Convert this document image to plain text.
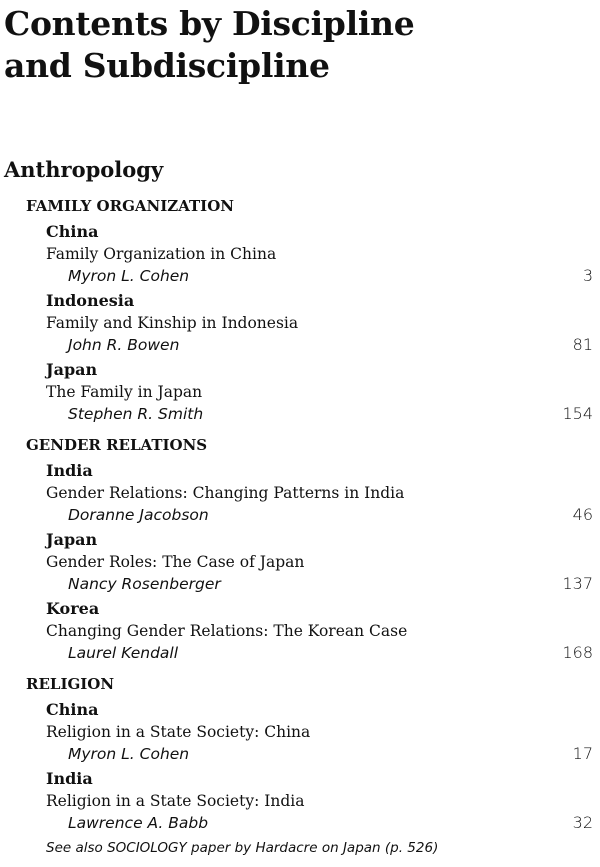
Contents by Discipline
and Subdiscipline
Anthropology
FAMILY ORGANIZATION
China
Family Organization in China
Myron L. Cohen	3
Indonesia
Family and Kinship in Indonesia
John R. Bowen	81
Japan
The Family in Japan
Stephen R. Smith	154
GENDER RELATIONS
India
Gender Relations: Changing Patterns in India
Doranne Jacobson	46
Japan
Gender Roles: The Case of Japan
Nancy Rosenberger	137
Korea
Changing Gender Relations: The Korean Case
Laurel Kendall	168
RELIGION
China
Religion in a State Society: China
Myron L. Cohen	17
India
Religion in a State Society: India
Lawrence A. Babb	32
See also SOCIOLOGY paper by Hardacre on Japan (p. 526)
